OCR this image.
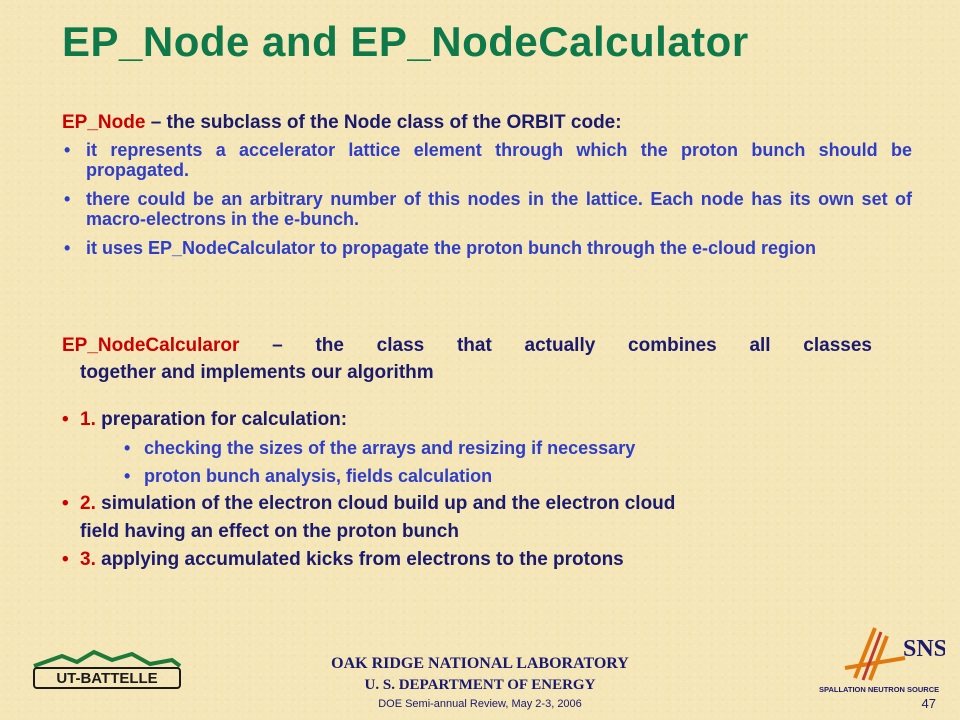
EP_Node and EP_NodeCalculator
EP_Node – the subclass of the Node class of the ORBIT code:
• it represents a accelerator lattice element through which the proton bunch should be propagated.
• there could be an arbitrary number of this nodes in the lattice. Each node has its own set of macro-electrons in the e-bunch.
• it uses EP_NodeCalculator to propagate the proton bunch through the e-cloud region
EP_NodeCalcularor – the class that actually combines all classes
together and implements our algorithm
• 1. preparation for calculation:
• checking the sizes of the arrays and resizing if necessary
• proton bunch analysis, fields calculation
• 2. simulation of the electron cloud build up and the electron cloud
field having an effect on the proton bunch
• 3. applying accumulated kicks from electrons to the protons
UT-BATTELLE
OAK RIDGE NATIONAL LABORATORY
U. S. DEPARTMENT OF ENERGY
DOE Semi-annual Review, May 2-3, 2006	47
SNS
SPALLATION NEUTRON SOURCE
